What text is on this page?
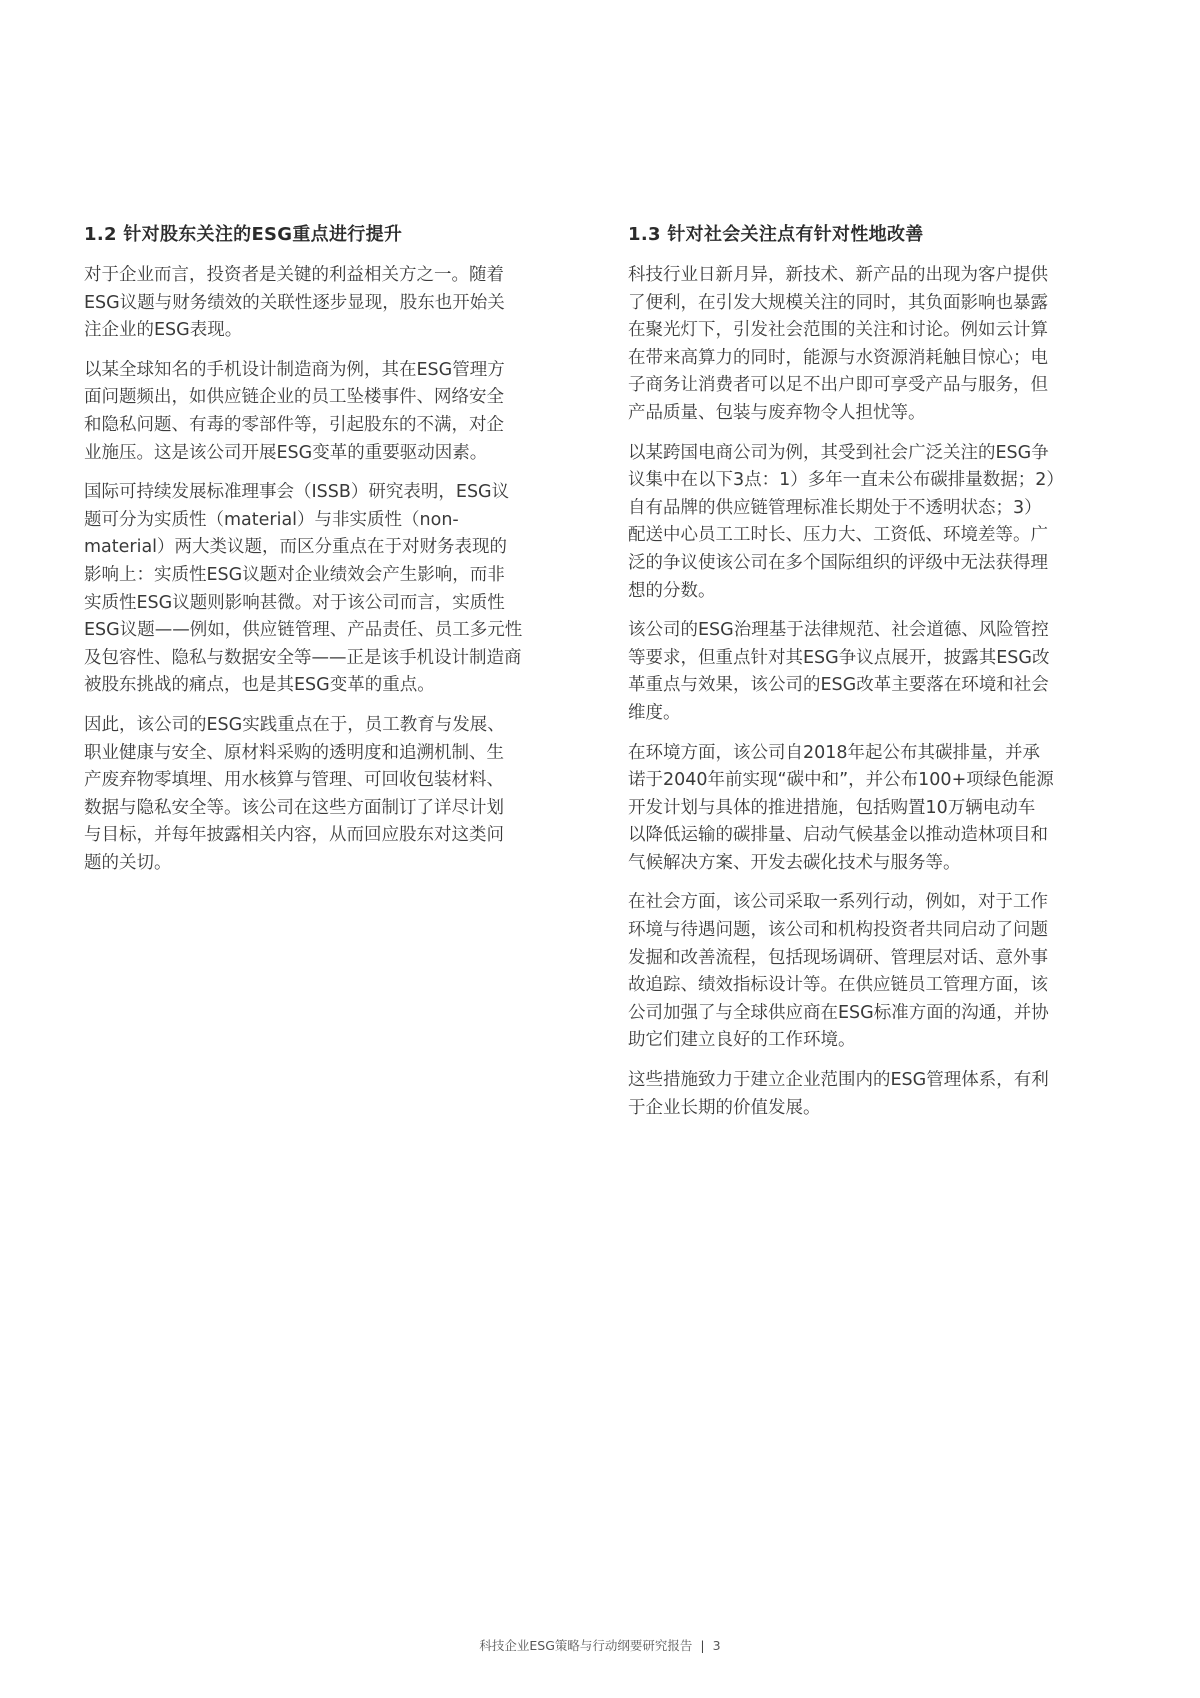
1.2 针对股东关注的ESG重点进行提升

对于企业而言，投资者是关键的利益相关方之一。随着
ESG议题与财务绩效的关联性逐步显现，股东也开始关
注企业的ESG表现。

以某全球知名的手机设计制造商为例，其在ESG管理方
面问题频出，如供应链企业的员工坠楼事件、网络安全
和隐私问题、有毒的零部件等，引起股东的不满，对企
业施压。这是该公司开展ESG变革的重要驱动因素。

国际可持续发展标准理事会（ISSB）研究表明，ESG议
题可分为实质性（material）与非实质性（non-
material）两大类议题，而区分重点在于对财务表现的
影响上：实质性ESG议题对企业绩效会产生影响，而非
实质性ESG议题则影响甚微。对于该公司而言，实质性
ESG议题——例如，供应链管理、产品责任、员工多元性
及包容性、隐私与数据安全等——正是该手机设计制造商
被股东挑战的痛点，也是其ESG变革的重点。

因此，该公司的ESG实践重点在于，员工教育与发展、
职业健康与安全、原材料采购的透明度和追溯机制、生
产废弃物零填埋、用水核算与管理、可回收包装材料、
数据与隐私安全等。该公司在这些方面制订了详尽计划
与目标，并每年披露相关内容，从而回应股东对这类问
题的关切。

1.3 针对社会关注点有针对性地改善

科技行业日新月异，新技术、新产品的出现为客户提供
了便利，在引发大规模关注的同时，其负面影响也暴露
在聚光灯下，引发社会范围的关注和讨论。例如云计算
在带来高算力的同时，能源与水资源消耗触目惊心；电
子商务让消费者可以足不出户即可享受产品与服务，但
产品质量、包装与废弃物令人担忧等。

以某跨国电商公司为例，其受到社会广泛关注的ESG争
议集中在以下3点：1）多年一直未公布碳排量数据；2）
自有品牌的供应链管理标准长期处于不透明状态；3）
配送中心员工工时长、压力大、工资低、环境差等。广
泛的争议使该公司在多个国际组织的评级中无法获得理
想的分数。

该公司的ESG治理基于法律规范、社会道德、风险管控
等要求，但重点针对其ESG争议点展开，披露其ESG改
革重点与效果，该公司的ESG改革主要落在环境和社会
维度。

在环境方面，该公司自2018年起公布其碳排量，并承
诺于2040年前实现“碳中和”，并公布100+项绿色能源
开发计划与具体的推进措施，包括购置10万辆电动车
以降低运输的碳排量、启动气候基金以推动造林项目和
气候解决方案、开发去碳化技术与服务等。

在社会方面，该公司采取一系列行动，例如，对于工作
环境与待遇问题，该公司和机构投资者共同启动了问题
发掘和改善流程，包括现场调研、管理层对话、意外事
故追踪、绩效指标设计等。在供应链员工管理方面，该
公司加强了与全球供应商在ESG标准方面的沟通，并协
助它们建立良好的工作环境。

这些措施致力于建立企业范围内的ESG管理体系，有利
于企业长期的价值发展。

科技企业ESG策略与行动纲要研究报告 | 3
